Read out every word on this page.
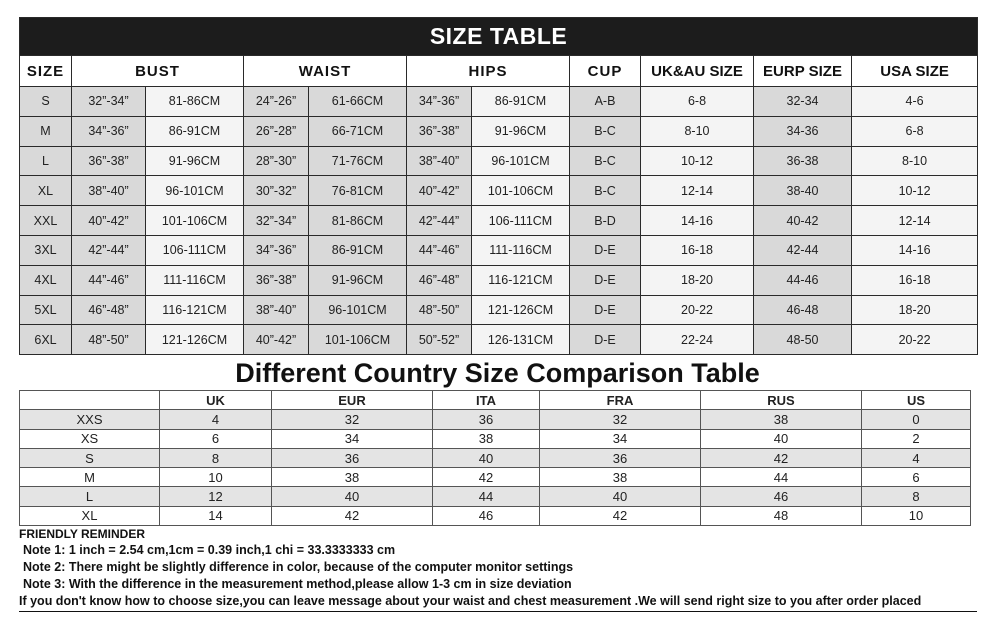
SIZE TABLE										
SIZE	BUST		WAIST		HIPS		CUP	UK&AU SIZE	EURP SIZE	USA SIZE
S	32”-34”	81-86CM	24”-26”	61-66CM	34”-36”	86-91CM	A-B	6-8	32-34	4-6
M	34”-36”	86-91CM	26”-28”	66-71CM	36”-38”	91-96CM	B-C	8-10	34-36	6-8
L	36”-38”	91-96CM	28”-30”	71-76CM	38”-40”	96-101CM	B-C	10-12	36-38	8-10
XL	38”-40”	96-101CM	30”-32”	76-81CM	40”-42”	101-106CM	B-C	12-14	38-40	10-12
XXL	40”-42”	101-106CM	32”-34”	81-86CM	42”-44”	106-111CM	B-D	14-16	40-42	12-14
3XL	42”-44”	106-111CM	34”-36”	86-91CM	44”-46”	111-116CM	D-E	16-18	42-44	14-16
4XL	44”-46”	111-116CM	36”-38”	91-96CM	46”-48”	116-121CM	D-E	18-20	44-46	16-18
5XL	46”-48”	116-121CM	38”-40”	96-101CM	48”-50”	121-126CM	D-E	20-22	46-48	18-20
6XL	48”-50”	121-126CM	40”-42”	101-106CM	50”-52”	126-131CM	D-E	22-24	48-50	20-22
Different Country Size Comparison Table
	UK	EUR	ITA	FRA	RUS	US
XXS	4	32	36	32	38	0
XS	6	34	38	34	40	2
S	8	36	40	36	42	4
M	10	38	42	38	44	6
L	12	40	44	40	46	8
XL	14	42	46	42	48	10

FRIENDLY REMINDER

Note 1: 1 inch = 2.54 cm,1cm = 0.39 inch,1 chi = 33.3333333 cm

Note 2: There might be slightly difference in color, because of the computer monitor settings

Note 3: With the difference in the measurement method,please allow 1-3 cm in size deviation

If you don't know how to choose size,you can leave message about your waist and chest measurement .We will send right size to you after order placed
